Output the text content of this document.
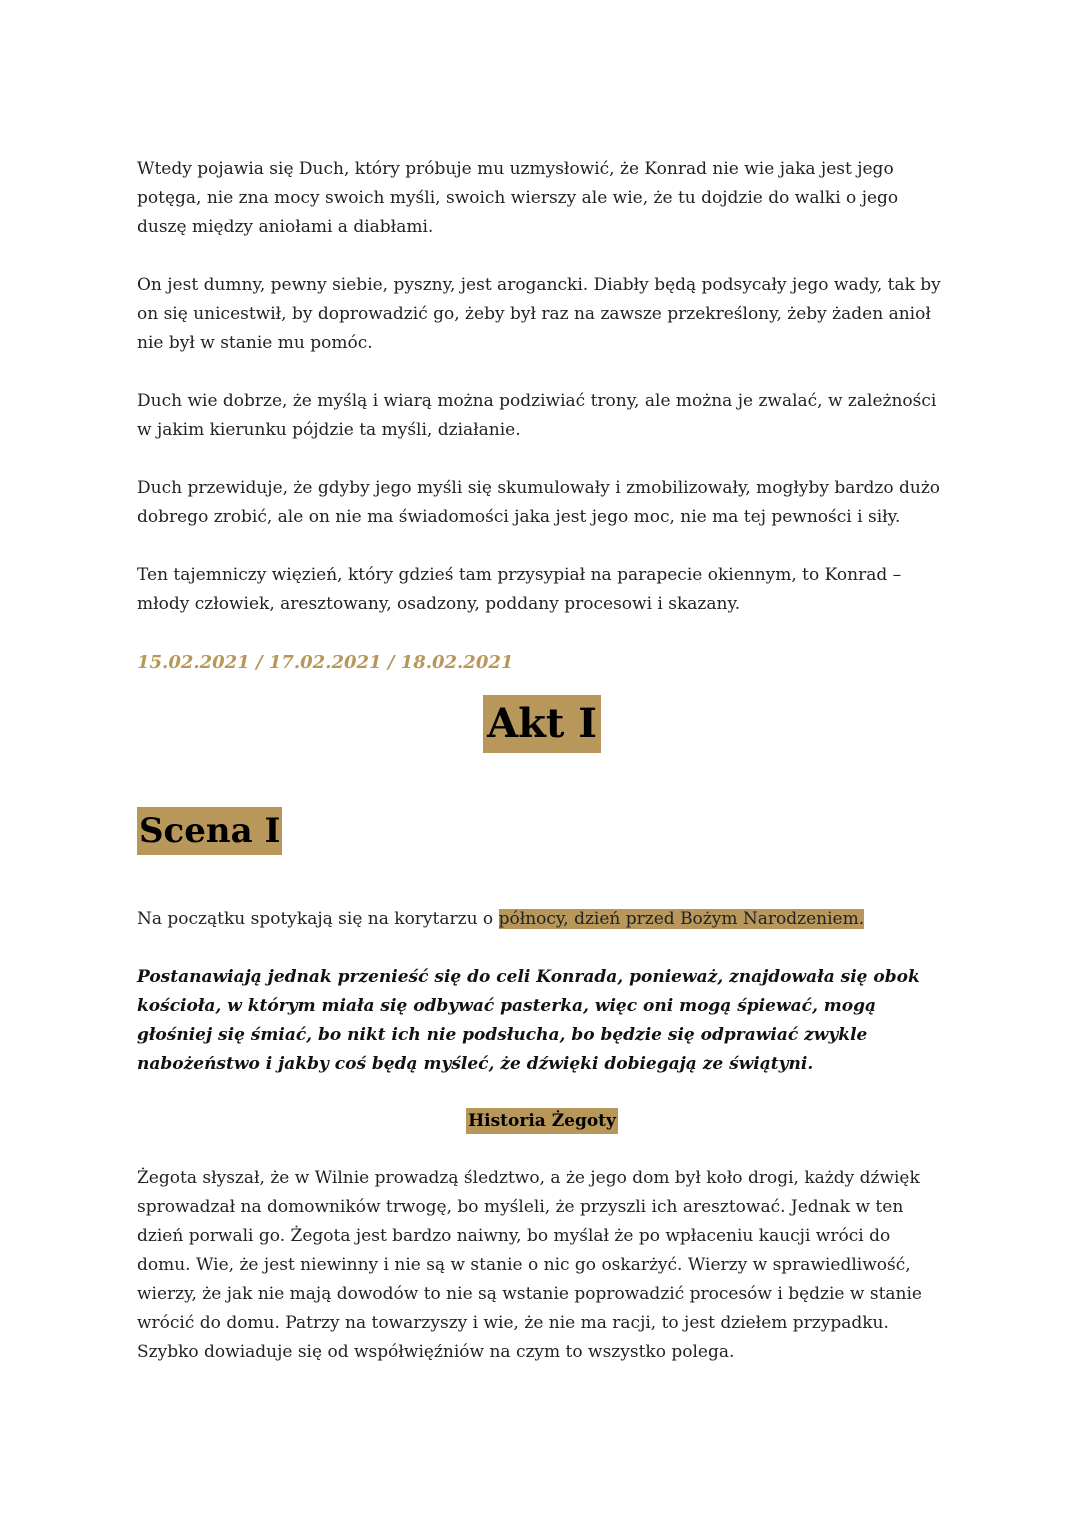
Wtedy pojawia się Duch, który próbuje mu uzmysłowić, że Konrad nie wie jaka jest jego potęga, nie zna mocy swoich myśli, swoich wierszy ale wie, że tu dojdzie do walki o jego duszę między aniołami a diabłami.

On jest dumny, pewny siebie, pyszny, jest arogancki. Diabły będą podsycały jego wady, tak by on się unicestwił, by doprowadzić go, żeby był raz na zawsze przekreślony, żeby żaden anioł nie był w stanie mu pomóc.

Duch wie dobrze, że myślą i wiarą można podziwiać trony, ale można je zwalać, w zależności w jakim kierunku pójdzie ta myśli, działanie.

Duch przewiduje, że gdyby jego myśli się skumulowały i zmobilizowały, mogłyby bardzo dużo dobrego zrobić, ale on nie ma świadomości jaka jest jego moc, nie ma tej pewności i siły.

Ten tajemniczy więzień, który gdzieś tam przysypiał na parapecie okiennym, to Konrad – młody człowiek, aresztowany, osadzony, poddany procesowi i skazany.

15.02.2021 / 17.02.2021 / 18.02.2021

Akt I
Scena I

Na początku spotykają się na korytarzu o północy, dzień przed Bożym Narodzeniem.

Postanawiają jednak przenieść się do celi Konrada, ponieważ, znajdowała się obok kościoła, w którym miała się odbywać pasterka, więc oni mogą śpiewać, mogą głośniej się śmiać, bo nikt ich nie podsłucha, bo będzie się odprawiać zwykle nabożeństwo i jakby coś będą myśleć, że dźwięki dobiegają ze świątyni.

Historia Żegoty

Żegota słyszał, że w Wilnie prowadzą śledztwo, a że jego dom był koło drogi, każdy dźwięk sprowadzał na domowników trwogę, bo myśleli, że przyszli ich aresztować. Jednak w ten dzień porwali go. Żegota jest bardzo naiwny, bo myślał że po wpłaceniu kaucji wróci do domu. Wie, że jest niewinny i nie są w stanie o nic go oskarżyć. Wierzy w sprawiedliwość, wierzy, że jak nie mają dowodów to nie są wstanie poprowadzić procesów i będzie w stanie wrócić do domu. Patrzy na towarzyszy i wie, że nie ma racji, to jest dziełem przypadku. Szybko dowiaduje się od współwięźniów na czym to wszystko polega.
